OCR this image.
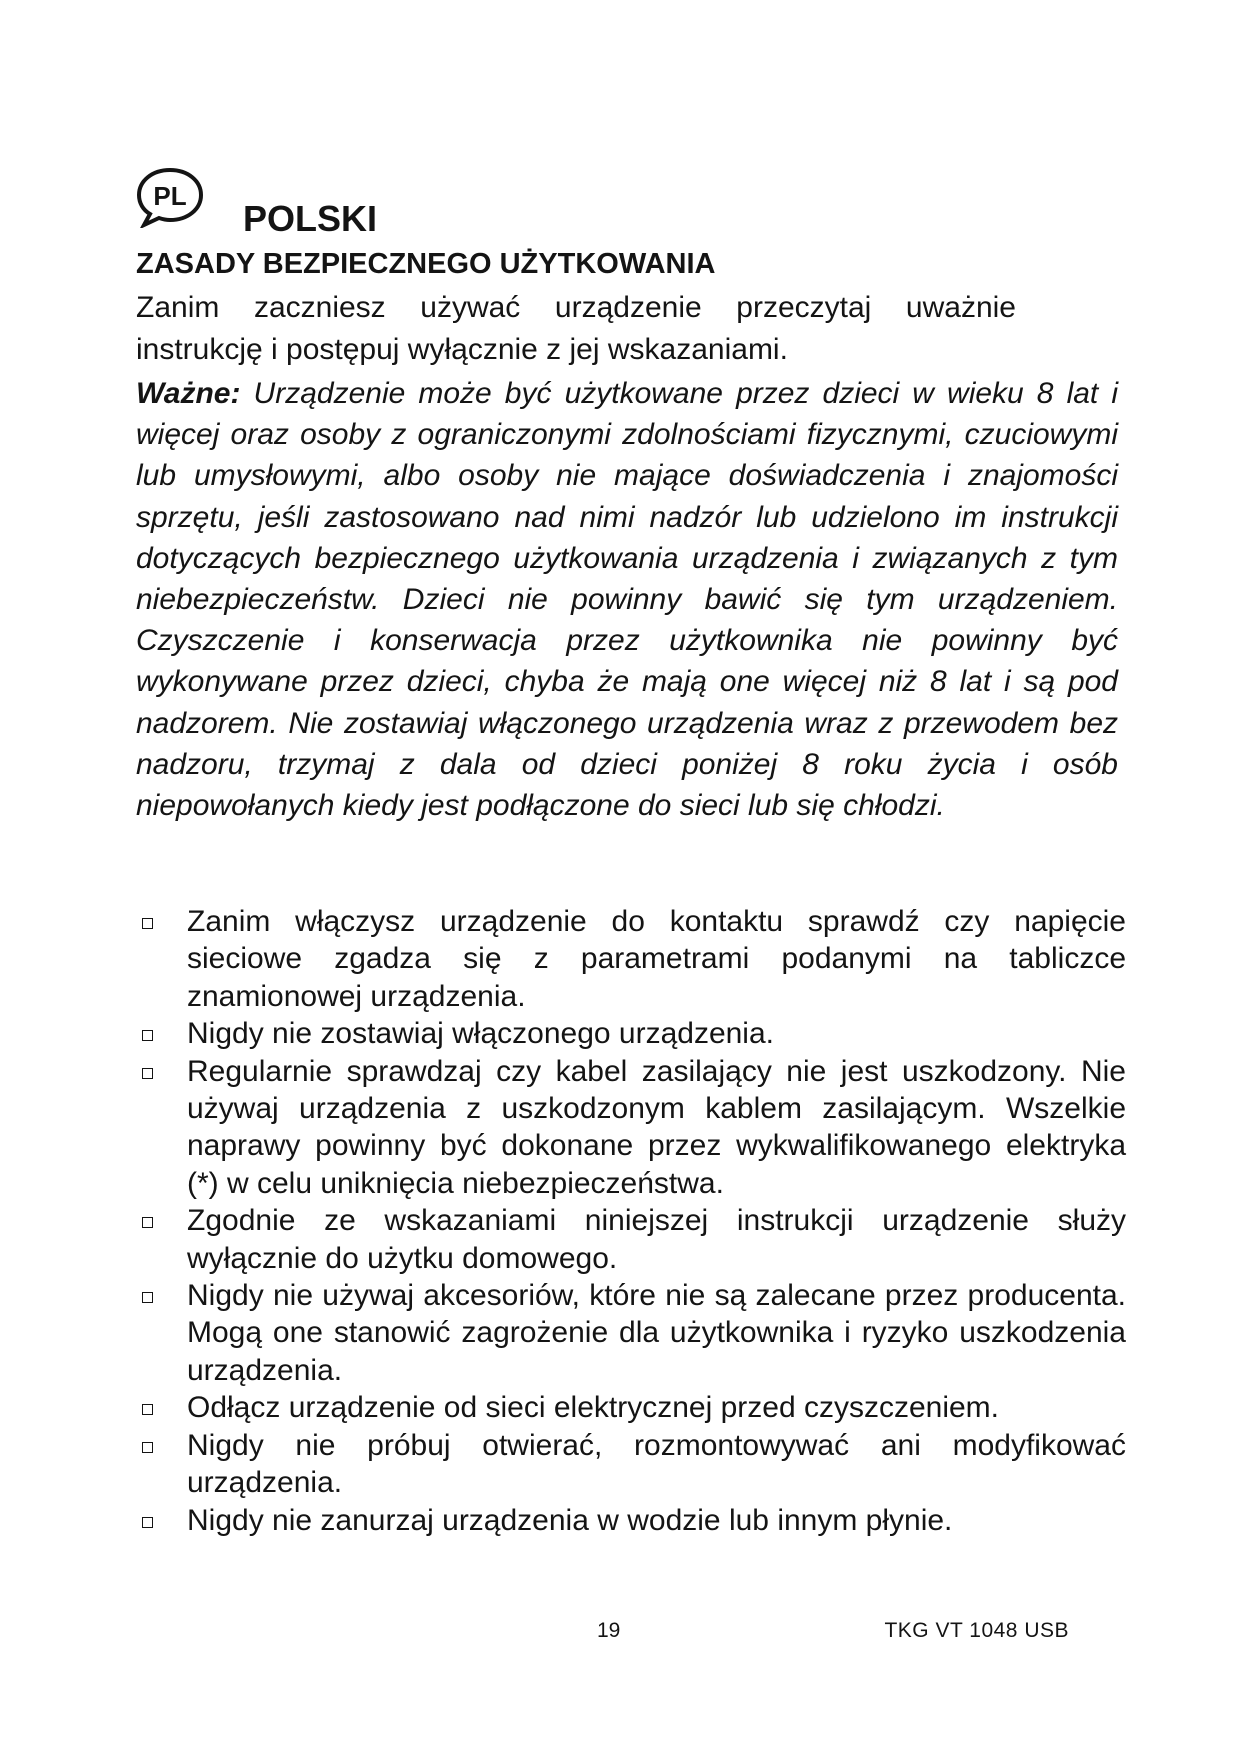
PL
POLSKI
ZASADY BEZPIECZNEGO UŻYTKOWANIA
Zanim zaczniesz używać urządzenie przeczytaj uważnie instrukcję i postępuj wyłącznie z jej wskazaniami.
Ważne: Urządzenie może być użytkowane przez dzieci w wieku 8 lat i więcej oraz osoby z ograniczonymi zdolnościami fizycznymi, czuciowymi lub umysłowymi, albo osoby nie mające doświadczenia i znajomości sprzętu, jeśli zastosowano nad nimi nadzór lub udzielono im instrukcji dotyczących bezpiecznego użytkowania urządzenia i związanych z tym niebezpieczeństw. Dzieci nie powinny bawić się tym urządzeniem. Czyszczenie i konserwacja przez użytkownika nie powinny być wykonywane przez dzieci, chyba że mają one więcej niż 8 lat i są pod nadzorem. Nie zostawiaj włączonego urządzenia wraz z przewodem bez nadzoru, trzymaj z dala od dzieci poniżej 8 roku życia i osób niepowołanych kiedy jest podłączone do sieci lub się chłodzi.
Zanim włączysz urządzenie do kontaktu sprawdź czy napięcie sieciowe zgadza się z parametrami podanymi na tabliczce znamionowej urządzenia.
Nigdy nie zostawiaj włączonego urządzenia.
Regularnie sprawdzaj czy kabel zasilający nie jest uszkodzony. Nie używaj urządzenia z uszkodzonym kablem zasilającym. Wszelkie naprawy powinny być dokonane przez wykwalifikowanego elektryka (*) w celu uniknięcia niebezpieczeństwa.
Zgodnie ze wskazaniami niniejszej instrukcji urządzenie służy wyłącznie do użytku domowego.
Nigdy nie używaj akcesoriów, które nie są zalecane przez producenta. Mogą one stanowić zagrożenie dla użytkownika i ryzyko uszkodzenia urządzenia.
Odłącz urządzenie od sieci elektrycznej przed czyszczeniem.
Nigdy nie próbuj otwierać, rozmontowywać ani modyfikować urządzenia.
Nigdy nie zanurzaj urządzenia w wodzie lub innym płynie.
19	TKG VT 1048 USB
